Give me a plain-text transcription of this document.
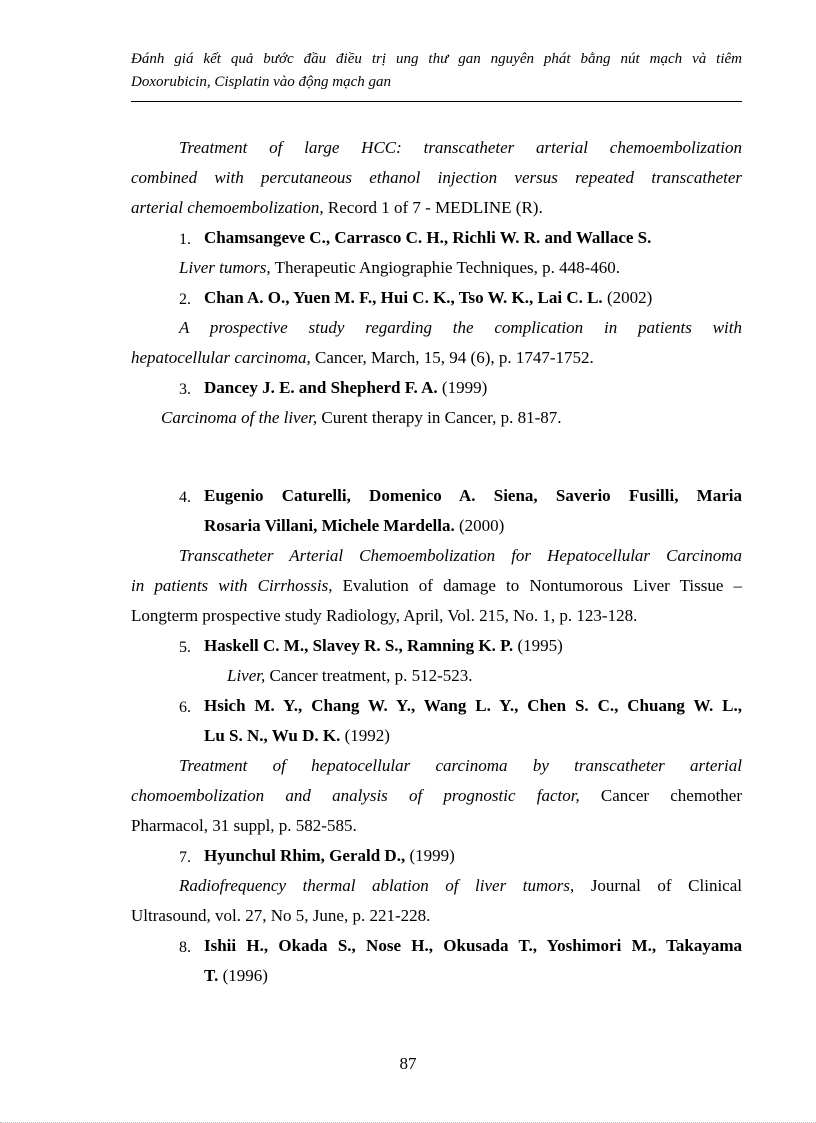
Đánh giá kết quả bước đầu điều trị ung thư gan nguyên phát bằng nút mạch và tiêm
Doxorubicin, Cisplatin vào động mạch gan
Treatment of large HCC: transcatheter arterial chemoembolization
combined with percutaneous ethanol injection versus repeated transcatheter
arterial chemoembolization, Record 1 of 7 - MEDLINE (R).
1. Chamsangeve C., Carrasco C. H., Richli W. R. and Wallace S.
Liver tumors, Therapeutic Angiographie Techniques, p. 448-460.
2. Chan A. O., Yuen M. F., Hui C. K., Tso W. K., Lai C. L. (2002)
A prospective study regarding the complication in patients with
hepatocellular carcinoma, Cancer, March, 15, 94 (6), p. 1747-1752.
3. Dancey J. E. and Shepherd F. A. (1999)
Carcinoma of the liver, Curent therapy in Cancer, p. 81-87.
4. Eugenio Caturelli, Domenico A. Siena, Saverio Fusilli, Maria
Rosaria Villani, Michele Mardella. (2000)
Transcatheter Arterial Chemoembolization for Hepatocellular Carcinoma
in patients with Cirrhossis, Evalution of damage to Nontumorous Liver Tissue –
Longterm prospective study Radiology, April, Vol. 215, No. 1, p. 123-128.
5. Haskell C. M., Slavey R. S., Ramning K. P. (1995)
Liver, Cancer treatment, p. 512-523.
6. Hsich M. Y., Chang W. Y., Wang L. Y., Chen S. C., Chuang W. L.,
Lu S. N., Wu D. K. (1992)
Treatment of hepatocellular carcinoma by transcatheter arterial
chomoembolization and analysis of prognostic factor, Cancer chemother
Pharmacol, 31 suppl, p. 582-585.
7. Hyunchul Rhim, Gerald D., (1999)
Radiofrequency thermal ablation of liver tumors, Journal of Clinical
Ultrasound, vol. 27, No 5, June, p. 221-228.
8. Ishii H., Okada S., Nose H., Okusada T., Yoshimori M., Takayama
T. (1996)
87
